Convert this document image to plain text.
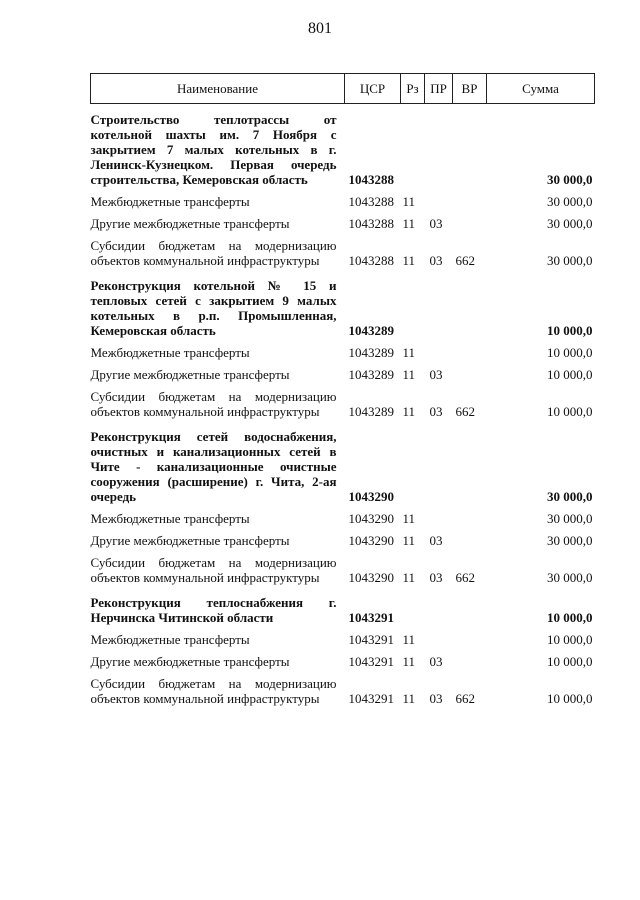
801
Наименование	ЦСР	Рз	ПР	ВР	Сумма
Строительство теплотрассы от котельной шахты им. 7 Ноября с закрытием 7 малых котельных в г. Ленинск-Кузнецком. Первая очередь строительства, Кемеровская область	1043288				30 000,0
Межбюджетные трансферты	1043288	11			30 000,0
Другие межбюджетные трансферты	1043288	11	03		30 000,0
Субсидии бюджетам на модернизацию объектов коммунальной инфраструктуры	1043288	11	03	662	30 000,0
Реконструкция котельной № 15 и тепловых сетей с закрытием 9 малых котельных в р.п. Промышленная, Кемеровская область	1043289				10 000,0
Межбюджетные трансферты	1043289	11			10 000,0
Другие межбюджетные трансферты	1043289	11	03		10 000,0
Субсидии бюджетам на модернизацию объектов коммунальной инфраструктуры	1043289	11	03	662	10 000,0
Реконструкция сетей водоснабжения, очистных и канализационных сетей в Чите - канализационные очистные сооружения (расширение) г. Чита, 2-ая очередь	1043290				30 000,0
Межбюджетные трансферты	1043290	11			30 000,0
Другие межбюджетные трансферты	1043290	11	03		30 000,0
Субсидии бюджетам на модернизацию объектов коммунальной инфраструктуры	1043290	11	03	662	30 000,0
Реконструкция теплоснабжения г. Нерчинска Читинской области	1043291				10 000,0
Межбюджетные трансферты	1043291	11			10 000,0
Другие межбюджетные трансферты	1043291	11	03		10 000,0
Субсидии бюджетам на модернизацию объектов коммунальной инфраструктуры	1043291	11	03	662	10 000,0
